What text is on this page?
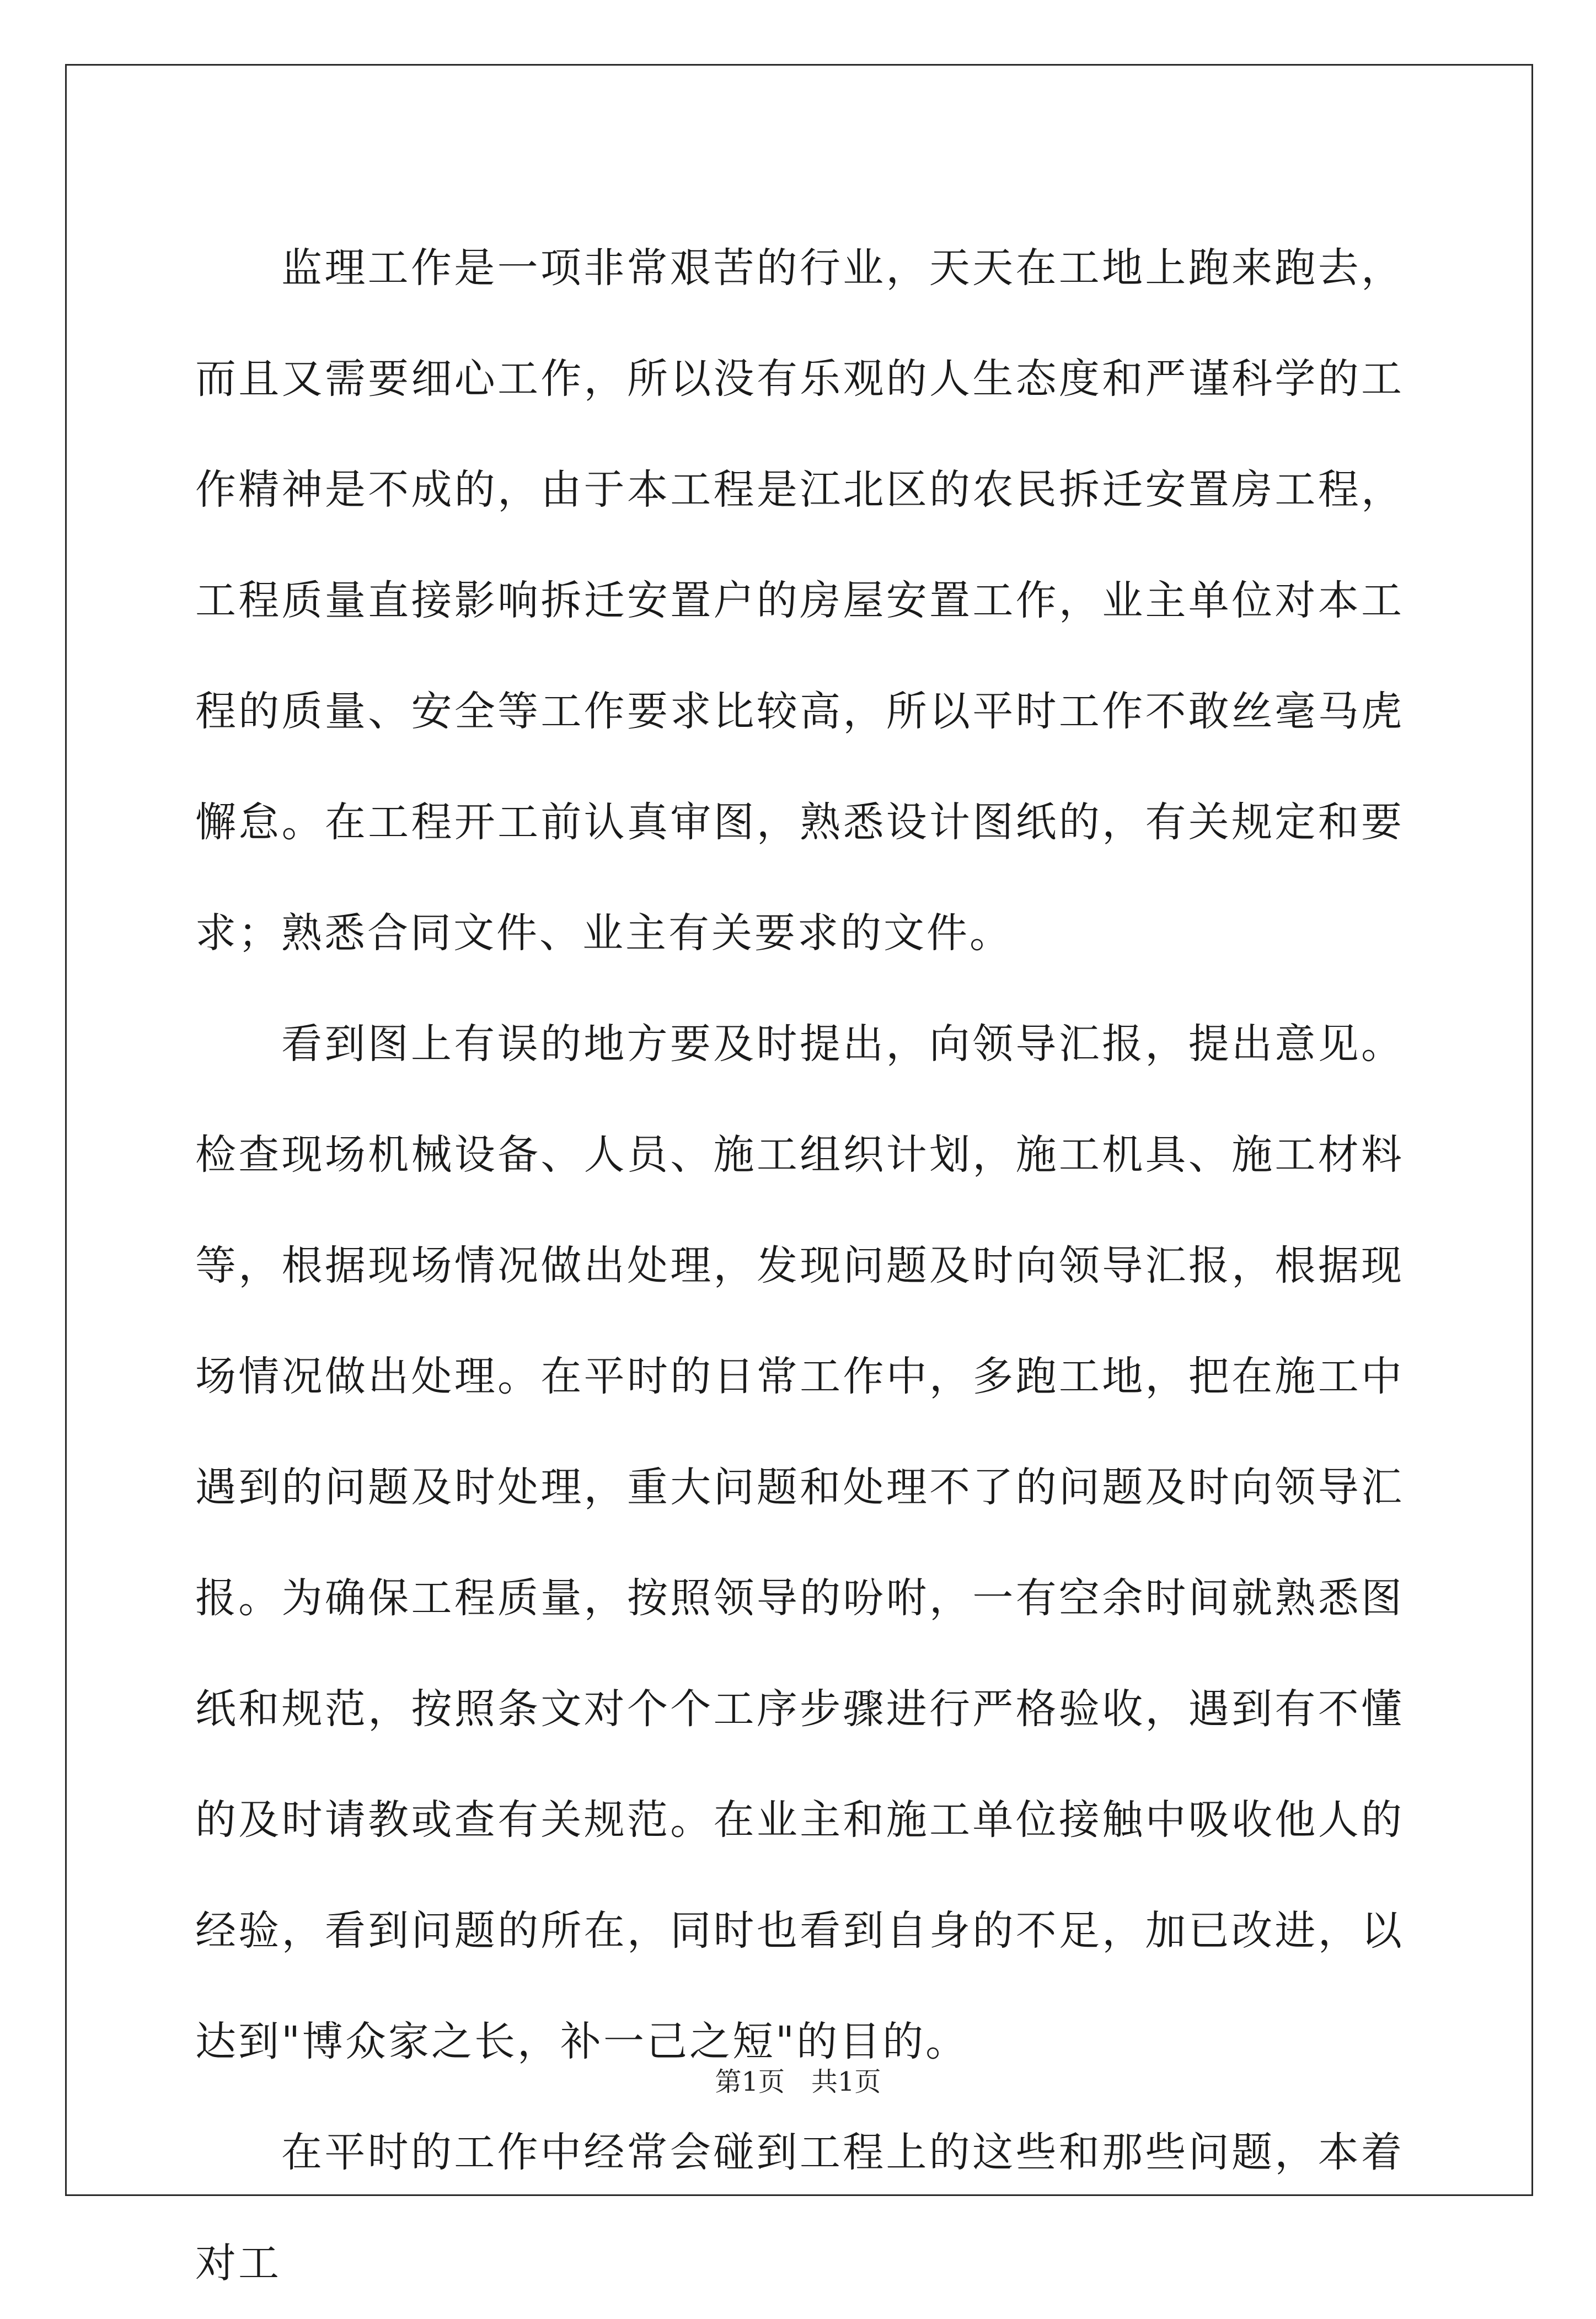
监理工作是一项非常艰苦的行业，天天在工地上跑来跑去，而且又需要细心工作，所以没有乐观的人生态度和严谨科学的工作精神是不成的，由于本工程是江北区的农民拆迁安置房工程，工程质量直接影响拆迁安置户的房屋安置工作，业主单位对本工程的质量、安全等工作要求比较高，所以平时工作不敢丝毫马虎懈怠。在工程开工前认真审图，熟悉设计图纸的，有关规定和要求；熟悉合同文件、业主有关要求的文件。

看到图上有误的地方要及时提出，向领导汇报，提出意见。检查现场机械设备、人员、施工组织计划，施工机具、施工材料等，根据现场情况做出处理，发现问题及时向领导汇报，根据现场情况做出处理。在平时的日常工作中，多跑工地，把在施工中遇到的问题及时处理，重大问题和处理不了的问题及时向领导汇报。为确保工程质量，按照领导的吩咐，一有空余时间就熟悉图纸和规范，按照条文对个个工序步骤进行严格验收，遇到有不懂的及时请教或查有关规范。在业主和施工单位接触中吸收他人的经验，看到问题的所在，同时也看到自身的不足，加已改进，以达到"博众家之长，补一己之短"的目的。

在平时的工作中经常会碰到工程上的这些和那些问题，本着对工

第1页 共1页
